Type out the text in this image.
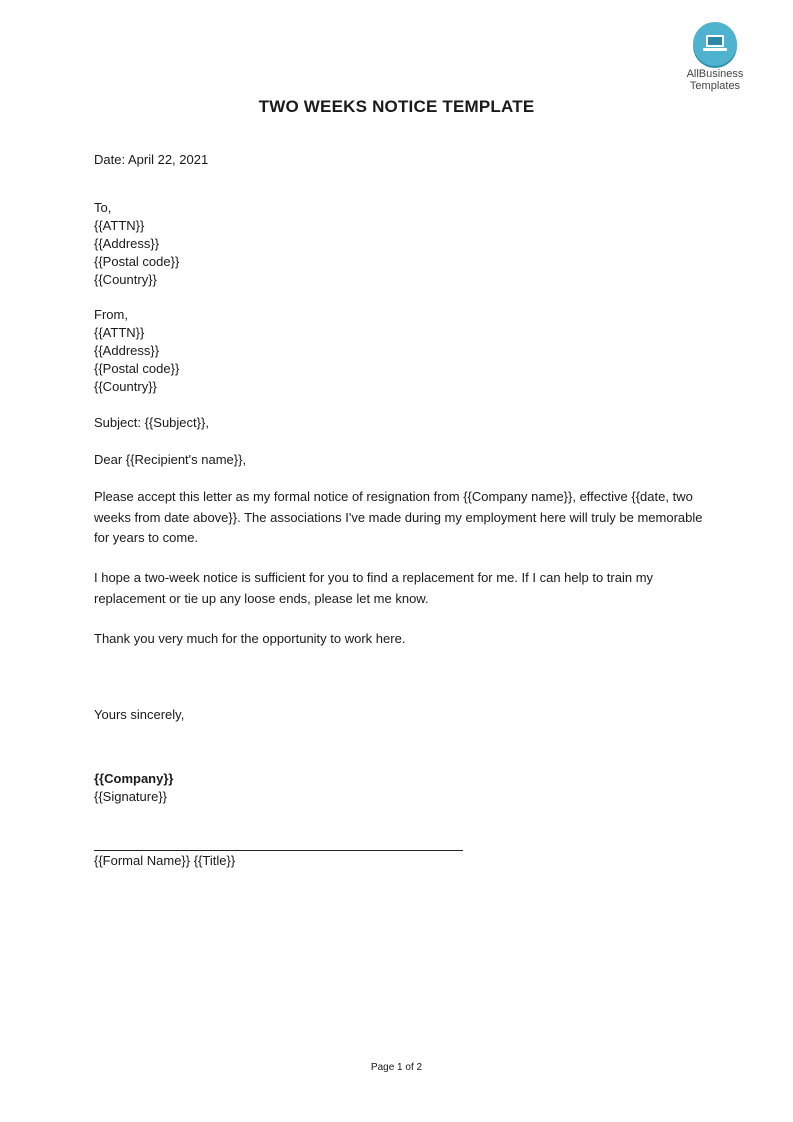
AllBusiness
Templates
TWO WEEKS NOTICE TEMPLATE
Date: April 22, 2021
To,
{{ATTN}}
{{Address}}
{{Postal code}}
{{Country}}
From,
{{ATTN}}
{{Address}}
{{Postal code}}
{{Country}}
Subject: {{Subject}},
Dear {{Recipient's name}},
Please accept this letter as my formal notice of resignation from {{Company name}}, effective {{date, two weeks from date above}}. The associations I've made during my employment here will truly be memorable for years to come.
I hope a two-week notice is sufficient for you to find a replacement for me. If I can help to train my replacement or tie up any loose ends, please let me know.
Thank you very much for the opportunity to work here.
Yours sincerely,
{{Company}}
{{Signature}}
{{Formal Name}} {{Title}}
Page 1 of 2
